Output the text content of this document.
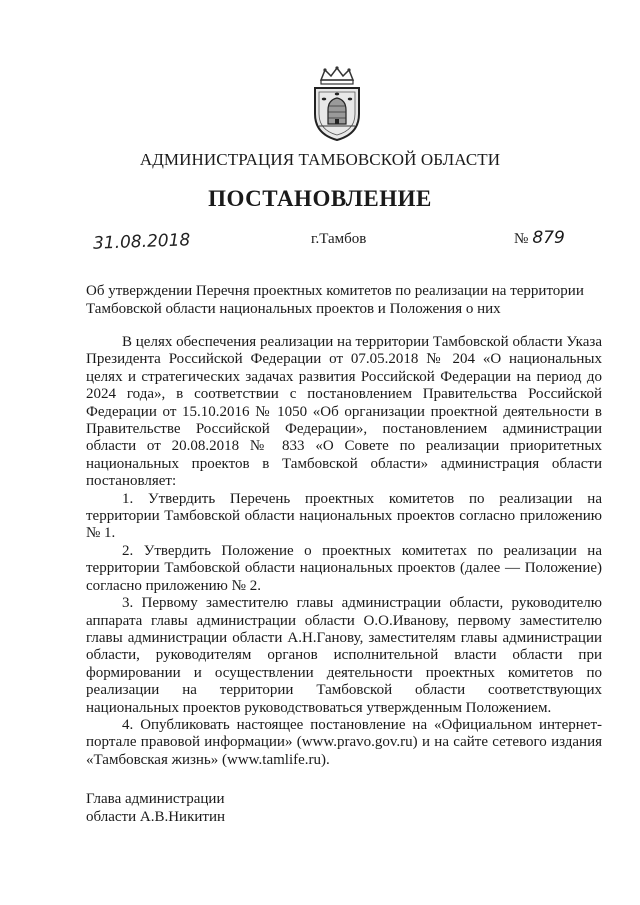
АДМИНИСТРАЦИЯ ТАМБОВСКОЙ ОБЛАСТИ
ПОСТАНОВЛЕНИЕ
31.08.2018	г.Тамбов	№ 879
Об утверждении Перечня проектных комитетов по реализации на территории Тамбовской области национальных проектов и Положения о них

В целях обеспечения реализации на территории Тамбовской области Указа Президента Российской Федерации от 07.05.2018 № 204 «О национальных целях и стратегических задачах развития Российской Федерации на период до 2024 года», в соответствии с постановлением Правительства Российской Федерации от 15.10.2016 № 1050 «Об организации проектной деятельности в Правительстве Российской Федерации», постановлением администрации области от 20.08.2018 № 833 «О Совете по реализации приоритетных национальных проектов в Тамбовской области» администрация области постановляет:

1. Утвердить Перечень проектных комитетов по реализации на территории Тамбовской области национальных проектов согласно приложению № 1.

2. Утвердить Положение о проектных комитетах по реализации на территории Тамбовской области национальных проектов (далее — Положение) согласно приложению № 2.

3. Первому заместителю главы администрации области, руководителю аппарата главы администрации области О.О.Иванову, первому заместителю главы администрации области А.Н.Ганову, заместителям главы администрации области, руководителям органов исполнительной власти области при формировании и осуществлении деятельности проектных комитетов по реализации на территории Тамбовской области соответствующих национальных проектов руководствоваться утвержденным Положением.

4. Опубликовать настоящее постановление на «Официальном интернет-портале правовой информации» (www.pravo.gov.ru) и на сайте сетевого издания «Тамбовская жизнь» (www.tamlife.ru).

Глава администрации
области А.В.Никитин
